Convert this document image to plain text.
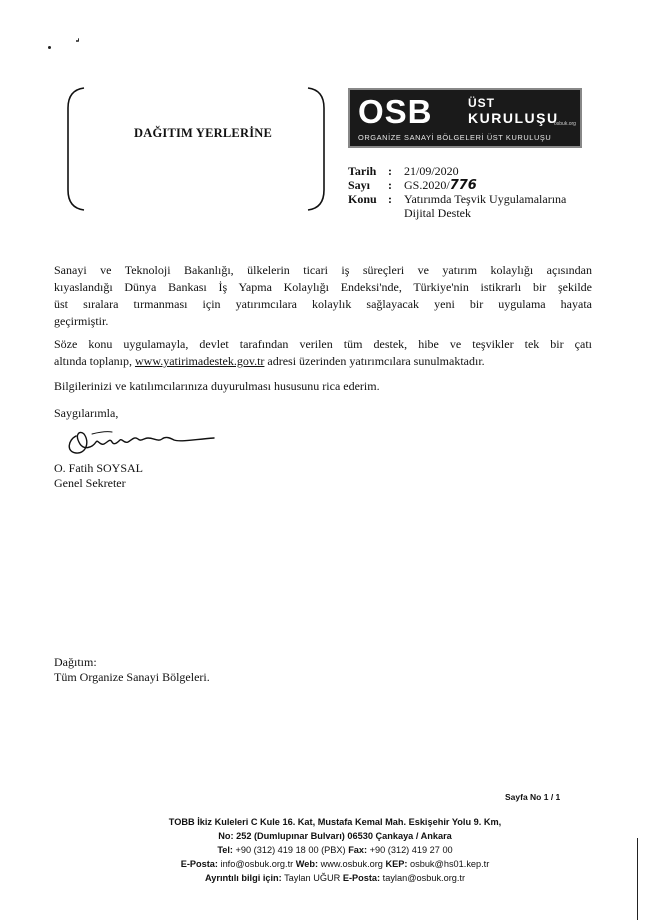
DAĞITIM YERLERİNE
OSB	ÜST
KURULUŞU
osbuk.org
ORGANİZE SANAYİ BÖLGELERİ ÜST KURULUŞU
Tarih : 21/09/2020
Sayı : GS.2020/776
Konu : Yatırımda Teşvik Uygulamalarına
Dijital Destek
Sanayi ve Teknoloji Bakanlığı, ülkelerin ticari iş süreçleri ve yatırım kolaylığı açısından
kıyaslandığı Dünya Bankası İş Yapma Kolaylığı Endeksi'nde, Türkiye'nin istikrarlı bir şekilde
üst sıralara tırmanması için yatırımcılara kolaylık sağlayacak yeni bir uygulama hayata
geçirmiştir.
Söze konu uygulamayla, devlet tarafından verilen tüm destek, hibe ve teşvikler tek bir çatı
altında toplanıp, www.yatirimadestek.gov.tr adresi üzerinden yatırımcılara sunulmaktadır.
Bilgilerinizi ve katılımcılarınıza duyurulması hususunu rica ederim.
Saygılarımla,
O. Fatih SOYSAL
Genel Sekreter
Dağıtım:
Tüm Organize Sanayi Bölgeleri.
Sayfa No 1 / 1
TOBB İkiz Kuleleri C Kule 16. Kat, Mustafa Kemal Mah. Eskişehir Yolu 9. Km,
No: 252 (Dumlupınar Bulvarı) 06530 Çankaya / Ankara
Tel: +90 (312) 419 18 00 (PBX) Fax: +90 (312) 419 27 00
E-Posta: info@osbuk.org.tr Web: www.osbuk.org KEP: osbuk@hs01.kep.tr
Ayrıntılı bilgi için: Taylan UĞUR E-Posta: taylan@osbuk.org.tr
